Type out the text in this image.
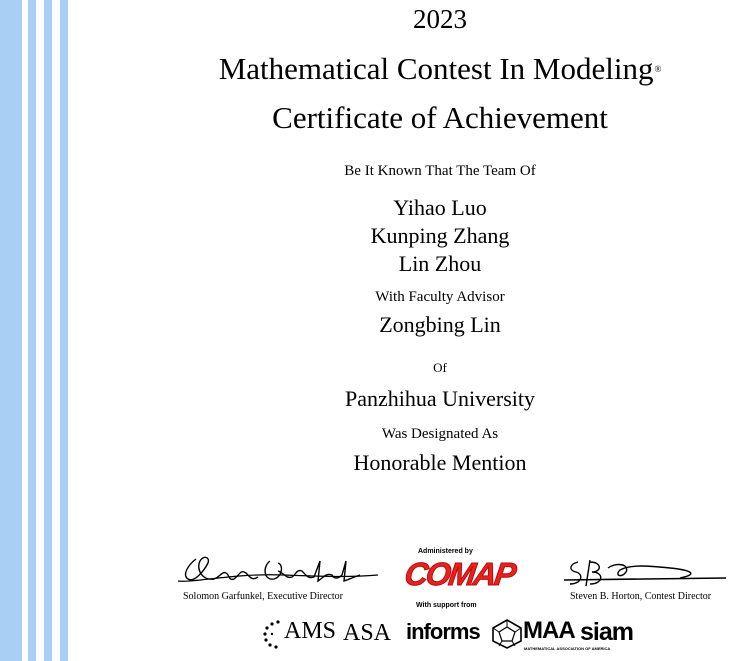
2023
Mathematical Contest In Modeling®
Certificate of Achievement
Be It Known That The Team Of
Yihao Luo
Kunping Zhang
Lin Zhou
With Faculty Advisor
Zongbing Lin
Of
Panzhihua University
Was Designated As
Honorable Mention
Solomon Garfunkel, Executive Director	Steven B. Horton, Contest Director
Administered by
COMAP
With support from
AMS ASA informs	MAA
MATHEMATICAL ASSOCIATION OF AMERICA
siam
